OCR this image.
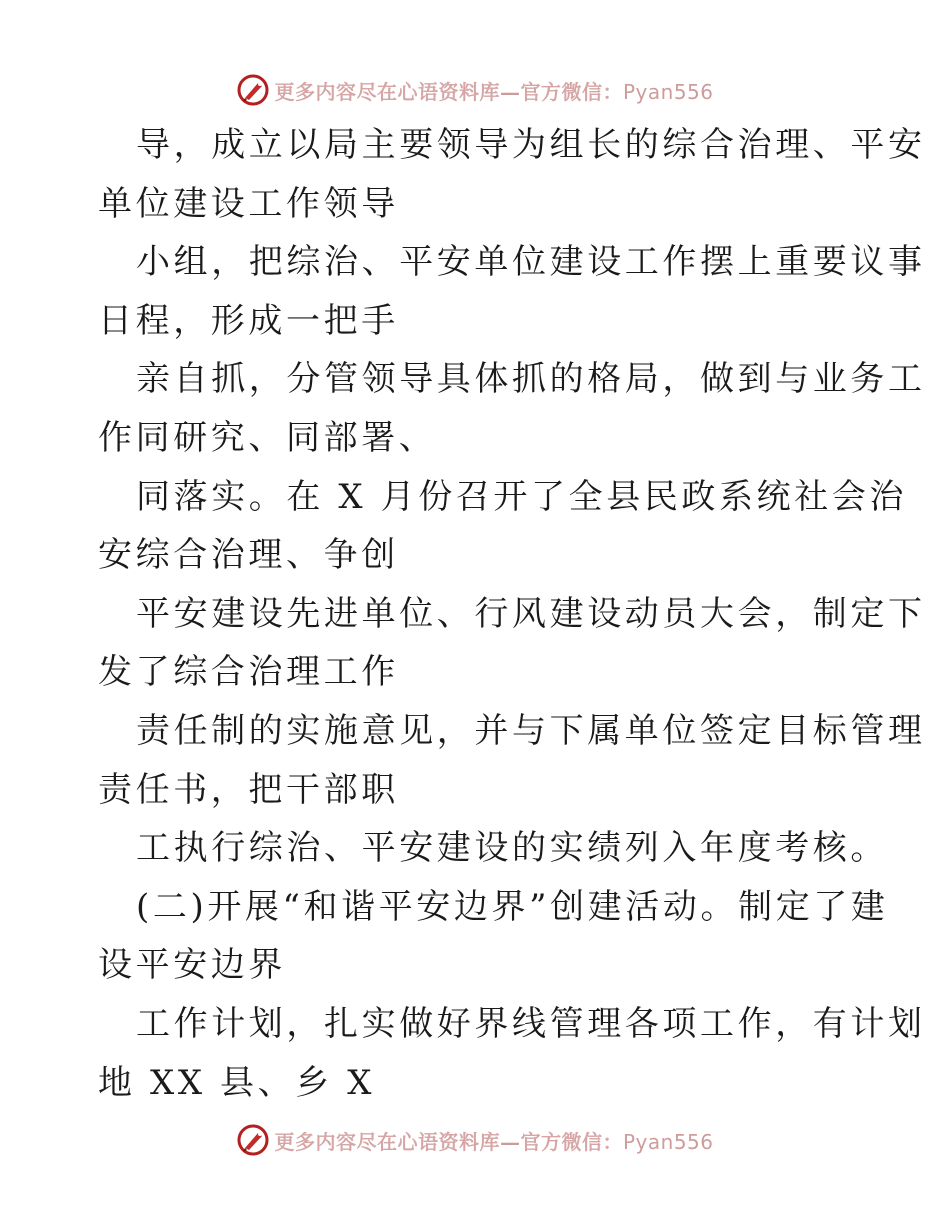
更多内容尽在心语资料库—官方微信：Pyan556
导，成立以局主要领导为组长的综合治理、平安
单位建设工作领导
小组，把综治、平安单位建设工作摆上重要议事
日程，形成一把手
亲自抓，分管领导具体抓的格局，做到与业务工
作同研究、同部署、
同落实。在 X 月份召开了全县民政系统社会治
安综合治理、争创
平安建设先进单位、行风建设动员大会，制定下
发了综合治理工作
责任制的实施意见，并与下属单位签定目标管理
责任书，把干部职
工执行综治、平安建设的实绩列入年度考核。
(二)开展“和谐平安边界”创建活动。制定了建
设平安边界
工作计划，扎实做好界线管理各项工作，有计划
地 XX 县、乡 X
更多内容尽在心语资料库—官方微信：Pyan556
